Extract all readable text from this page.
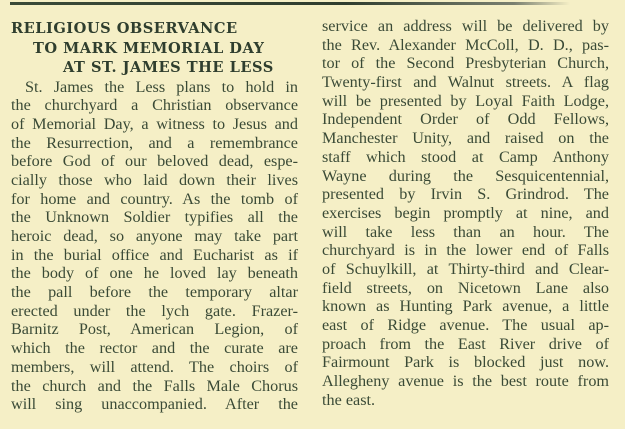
RELIGIOUS OBSERVANCE
TO MARK MEMORIAL DAY
AT ST. JAMES THE LESS
St. James the Less plans to hold in
the churchyard a Christian observance
of Memorial Day, a witness to Jesus and
the Resurrection, and a remembrance
before God of our beloved dead, espe-
cially those who laid down their lives
for home and country. As the tomb of
the Unknown Soldier typifies all the
heroic dead, so anyone may take part
in the burial office and Eucharist as if
the body of one he loved lay beneath
the pall before the temporary altar
erected under the lych gate. Frazer-
Barnitz Post, American Legion, of
which the rector and the curate are
members, will attend. The choirs of
the church and the Falls Male Chorus
will sing unaccompanied. After the
service an address will be delivered by
the Rev. Alexander McColl, D. D., pas-
tor of the Second Presbyterian Church,
Twenty-first and Walnut streets. A flag
will be presented by Loyal Faith Lodge,
Independent Order of Odd Fellows,
Manchester Unity, and raised on the
staff which stood at Camp Anthony
Wayne during the Sesquicentennial,
presented by Irvin S. Grindrod. The
exercises begin promptly at nine, and
will take less than an hour. The
churchyard is in the lower end of Falls
of Schuylkill, at Thirty-third and Clear-
field streets, on Nicetown Lane also
known as Hunting Park avenue, a little
east of Ridge avenue. The usual ap-
proach from the East River drive of
Fairmount Park is blocked just now.
Allegheny avenue is the best route from
the east.
